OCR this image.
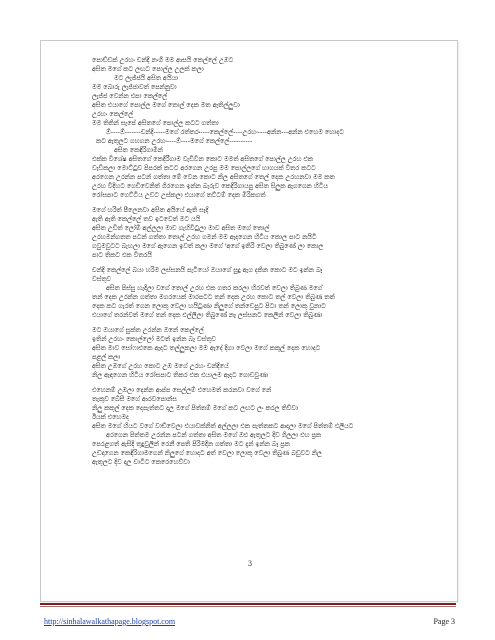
පොඩ්ඩක් උරහං චන්දි නංගී මම ආසයි කෙල්ලේ උඹට
අසිත මගේ කට ලඟට පොල්ල උලක් කලා
මට ලැජ්ජයි අසිත අයියා
මම බොරු ලැජ්ජාවත් පෙන්නුවා
ලැජ්ජ වෙන්න එපා කෙල්ලේ
අසිත එයාගේ පොල්ල මගේ තොල් දෙක මත ඇතිල්ලුවා
උරහං කෙල්ලේ
මම තිතින් සැපේ අසිතගේ පොල්ල කටට ගත්තා
ඕ----ඕ-------චන්දි-----මගේ රත්තරං----කෙල්ලේ----උරහං----අන්න---අන්න එහෙම හොදට
කට ඇතුලට ගහගන උරහං----ඕ----මගේ කෙල්ලේ----------
අසිත කෙඳිරිගාමින්
එක්ක විශේෂ අසිතගේ කෙදිරීගාම වැඩිවීන කොට මමත් අසිතගේ පොල්ල උරහ එක
වැඩිකලා මොට්ටුව පිපරක් කටට අරගෙන උරපු මම පොල්ලගේ හාගයක් විතර කටට
අරගෙන උරන්න පටන් ගත්තා මේ වෙන කොට නිල අසිතගේ තෙල් දෙක උරහනවා මම කත
උරහ විදිහට ගෙඩිවෙනිත් ගිරගෙන ඉන්න බැරුව කෙදිරිගායපු අසිත සිලුක ඇගගෙන හිටිය
රෝසපාට ගෙට්ටිය උඩට උස්කලා එයාගේ තට්ටම් දෙක මිරිකගත්
මගේ හරිත් පීලෙනවා අසිත අයියේ ඇති සෑදි
ඇති ඇති කෙල්ලේ තව ඉටවෙත් මට යයි
අසිත උඩිත් ලෝම් අල්ලලා මාව ගැහිවිටුලා මාව අසිත මගේ තොල්
උරහමන්ගතත පටන් ගත්තා තොල් උරහ ගමන් මම ඇදගෙන හිටිය කොල පාට නයිටි
ගවුමවුටට බැහලා මගේ ඇගෙන ඉවත් කලා මගේ 'අගේ ඉතිරි වෙලා තිබුණේ ලා කොල
පාට තිකට එක විතරයි
චන්දි කෙල්ලේ බයා හරිම ලස්සනයි පැටියෝ ඔයාගේ සුදු ඇග දකින කොට මට ඉන්න බෑ
වස්තුව
අසිත පිස්සු හැදිලා වගේ තොල් උරහ එක ගතර කරලා හිරවත් වෙලා තිබුණ මගේ
තන් දෙක උරන්න ගත්තා මගරයෙක් මාරපටට තන් දෙක උරහ කොට තල් වෙලා තිබුණ තත්
දෙක කට ගැරත් ගෙන ලොකු වෙලා හයිටුණා නිලුගේ තන්ඩෙපුට පිටා තන් ලොකු වුනාට
එයාගේ තරන්වත් මගේ තන් දෙක එල්ලිලා තිබුණේ නෑ ලස්සනට කෙලින් වෙලා තිබුණා
මට ඔයාගේ සුක්ත උරන්න ඔනේ කෙල්ලේ
ඉතින් උරහං කොල්ලෝ මටත් ඉන්න බෑ වස්තුව
අසිත මාව සෝෆාඑකෙ ඇදට තල්ලුකලා මම ඇදේ දිගා වෙලා මගේ කකුල් දෙක හොදට
පළල් කලා
අසිත උඹගේ උරහ කොට උඹ මගේ උරහං චන්දියේ
නිල ඇඳගෙන හිටිය රෝසපාට තිකර එක එයාලම ඇදට ගොඩවුණා
එහෙනම් උඹලා දෙන්න ආප්ප සෙල්ලම් එහෙමත් කරනවා වගේ නේ
තැකුව බේසී මගේ ආරවපොන්ස
නිලු කකුල් දෙක දෙපැත්තට දාල මගේ පිත්තම් මගේ කට ලඟට ලං කරල තිව්වා
ඊයක් එහෙමද
අසිත මගේ හියට වගේ වාඩ්වෙලා එයාවක්නිත් අල්ලලා එක පැත්තකට ආදලා මගේ පිත්තම් එලියට
අරගෙන පිත්තම උරන්න පටන් ගත්තා අසිත මගේ ඔළු ඇතුලට දිව ගිලලා එහ ප්‍රක
පෙරළගත් ඇසිදි තුදුවුලින් රෙනී පෙති පිරිමදින ගත්තා මට දැන් ඉන්න බෑ ප්‍රක
උඩදාගෙන කෙඳිරිගාමගෙන් නිලුගේ හොදට අත් වෙලා ලොකු වෙලා තිබුණ බඩුවට නිල
ඇතුලට දිව දාල චාටිට කෙරෙහෙව්වා
3
http://sinhalawalkathapage.blogspot.com	Page 3
